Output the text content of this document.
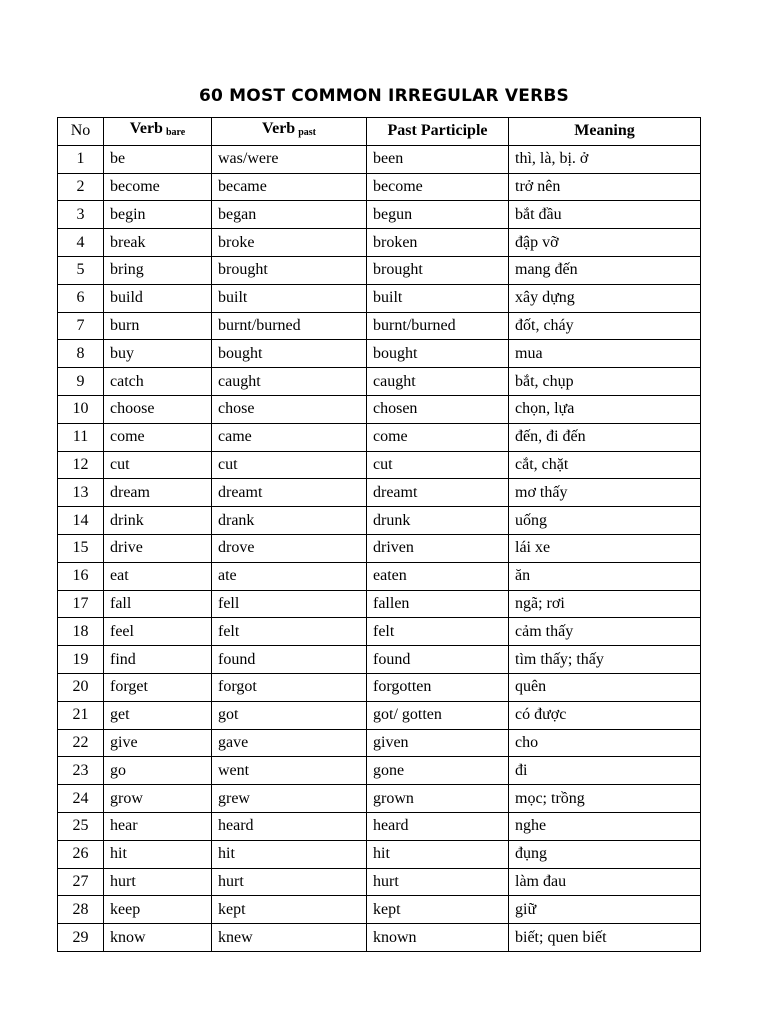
60 MOST COMMON IRREGULAR VERBS
No	Verb $_{bare}$	Verb $_{past}$	Past Participle	Meaning
1	be	was/were	been	thì, là, bị. ở
2	become	became	become	trở nên
3	begin	began	begun	bắt đầu
4	break	broke	broken	đập vỡ
5	bring	brought	brought	mang đến
6	build	built	built	xây dựng
7	burn	burnt/burned	burnt/burned	đốt, cháy
8	buy	bought	bought	mua
9	catch	caught	caught	bắt, chụp
10	choose	chose	chosen	chọn, lựa
11	come	came	come	đến, đi đến
12	cut	cut	cut	cắt, chặt
13	dream	dreamt	dreamt	mơ thấy
14	drink	drank	drunk	uống
15	drive	drove	driven	lái xe
16	eat	ate	eaten	ăn
17	fall	fell	fallen	ngã; rơi
18	feel	felt	felt	cảm thấy
19	find	found	found	tìm thấy; thấy
20	forget	forgot	forgotten	quên
21	get	got	got/ gotten	có được
22	give	gave	given	cho
23	go	went	gone	đi
24	grow	grew	grown	mọc; trồng
25	hear	heard	heard	nghe
26	hit	hit	hit	đụng
27	hurt	hurt	hurt	làm đau
28	keep	kept	kept	giữ
29	know	knew	known	biết; quen biết
